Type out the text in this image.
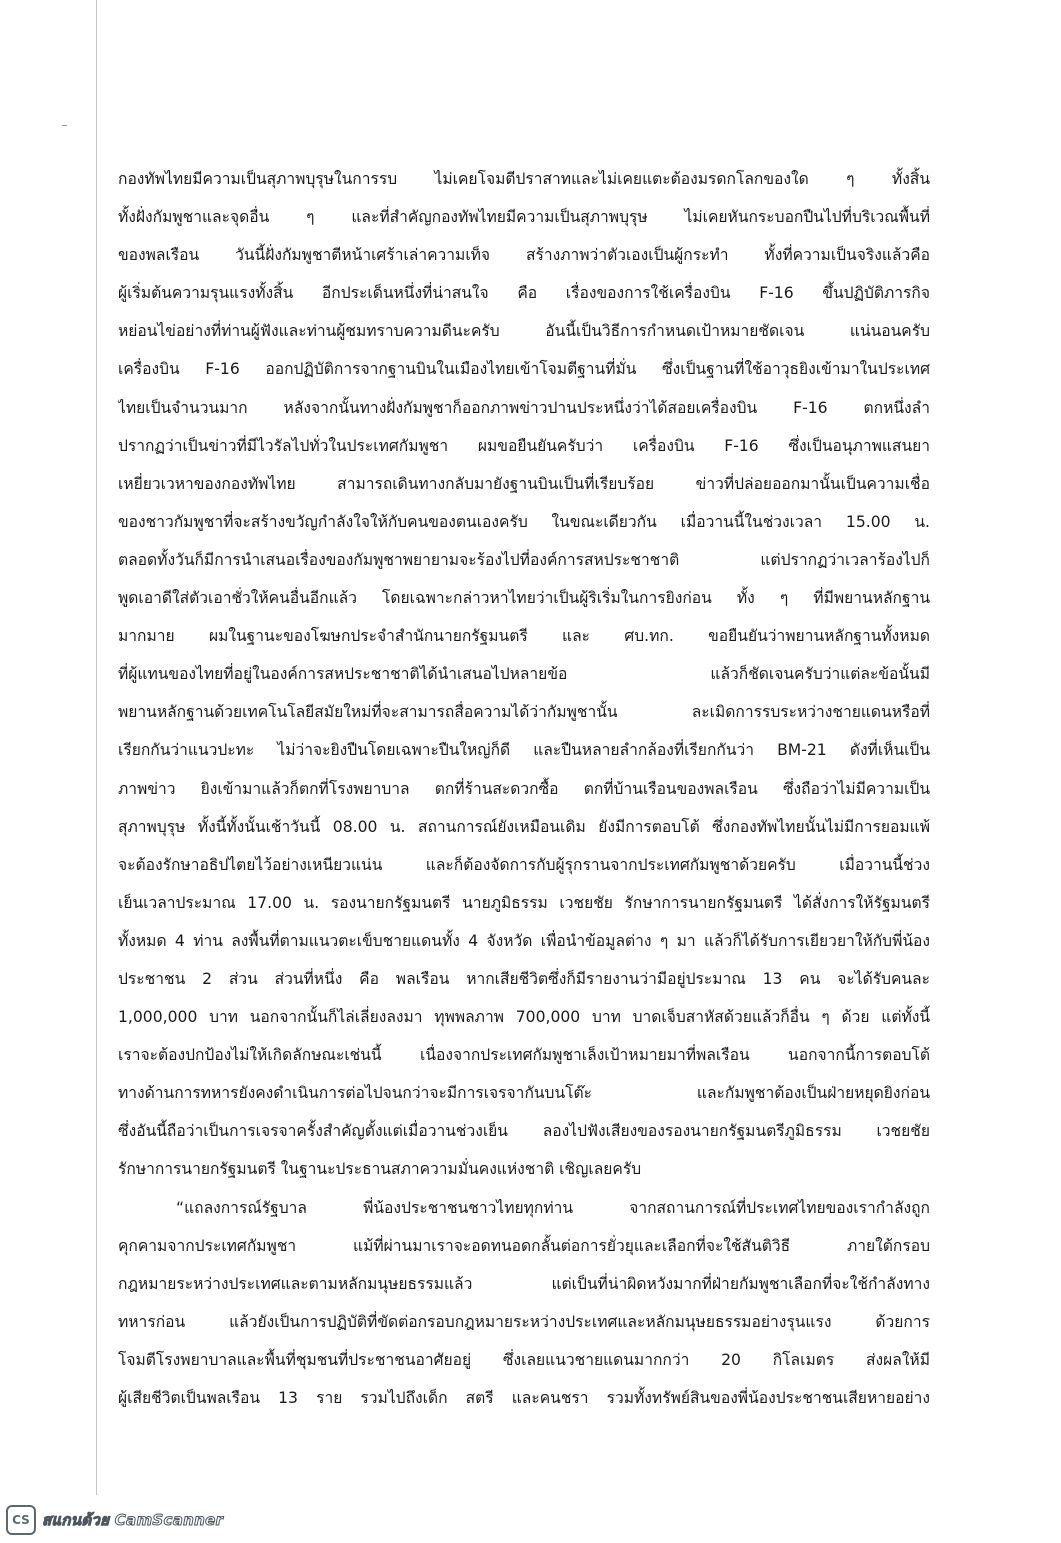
กองทัพไทยมีความเป็นสุภาพบุรุษในการรบ ไม่เคยโจมตีปราสาทและไม่เคยแตะต้องมรดกโลกของใด ๆ ทั้งสิ้น
ทั้งฝั่งกัมพูชาและจุดอื่น ๆ และที่สำคัญกองทัพไทยมีความเป็นสุภาพบุรุษ ไม่เคยหันกระบอกปืนไปที่บริเวณพื้นที่
ของพลเรือน วันนี้ฝั่งกัมพูชาตีหน้าเศร้าเล่าความเท็จ สร้างภาพว่าตัวเองเป็นผู้กระทำ ทั้งที่ความเป็นจริงแล้วคือ
ผู้เริ่มต้นความรุนแรงทั้งสิ้น อีกประเด็นหนึ่งที่น่าสนใจ คือ เรื่องของการใช้เครื่องบิน F-16 ขึ้นปฏิบัติภารกิจ
หย่อนไข่อย่างที่ท่านผู้ฟังและท่านผู้ชมทราบความดีนะครับ อันนี้เป็นวิธีการกำหนดเป้าหมายชัดเจน แน่นอนครับ
เครื่องบิน F-16 ออกปฏิบัติการจากฐานบินในเมืองไทยเข้าโจมตีฐานที่มั่น ซึ่งเป็นฐานที่ใช้อาวุธยิงเข้ามาในประเทศ
ไทยเป็นจำนวนมาก หลังจากนั้นทางฝั่งกัมพูชาก็ออกภาพข่าวปานประหนึ่งว่าได้สอยเครื่องบิน F-16 ตกหนึ่งลำ
ปรากฏว่าเป็นข่าวที่มีไวรัลไปทั่วในประเทศกัมพูชา ผมขอยืนยันครับว่า เครื่องบิน F-16 ซึ่งเป็นอนุภาพแสนยา
เหยี่ยวเวหาของกองทัพไทย สามารถเดินทางกลับมายังฐานบินเป็นที่เรียบร้อย ข่าวที่ปล่อยออกมานั้นเป็นความเชื่อ
ของชาวกัมพูชาที่จะสร้างขวัญกำลังใจให้กับคนของตนเองครับ ในขณะเดียวกัน เมื่อวานนี้ในช่วงเวลา 15.00 น.
ตลอดทั้งวันก็มีการนำเสนอเรื่องของกัมพูชาพยายามจะร้องไปที่องค์การสหประชาชาติ แต่ปรากฏว่าเวลาร้องไปก็
พูดเอาดีใส่ตัวเอาชั่วให้คนอื่นอีกแล้ว โดยเฉพาะกล่าวหาไทยว่าเป็นผู้ริเริ่มในการยิงก่อน ทั้ง ๆ ที่มีพยานหลักฐาน
มากมาย ผมในฐานะของโฆษกประจำสำนักนายกรัฐมนตรี และ ศบ.ทก. ขอยืนยันว่าพยานหลักฐานทั้งหมด
ที่ผู้แทนของไทยที่อยู่ในองค์การสหประชาชาติได้นำเสนอไปหลายข้อ แล้วก็ชัดเจนครับว่าแต่ละข้อนั้นมี
พยานหลักฐานด้วยเทคโนโลยีสมัยใหม่ที่จะสามารถสื่อความได้ว่ากัมพูชานั้น ละเมิดการรบระหว่างชายแดนหรือที่
เรียกกันว่าแนวปะทะ ไม่ว่าจะยิงปืนโดยเฉพาะปืนใหญ่ก็ดี และปืนหลายลำกล้องที่เรียกกันว่า BM-21 ดังที่เห็นเป็น
ภาพข่าว ยิงเข้ามาแล้วก็ตกที่โรงพยาบาล ตกที่ร้านสะดวกซื้อ ตกที่บ้านเรือนของพลเรือน ซึ่งถือว่าไม่มีความเป็น
สุภาพบุรุษ ทั้งนี้ทั้งนั้นเช้าวันนี้ 08.00 น. สถานการณ์ยังเหมือนเดิม ยังมีการตอบโต้ ซึ่งกองทัพไทยนั้นไม่มีการยอมแพ้
จะต้องรักษาอธิปไตยไว้อย่างเหนียวแน่น และก็ต้องจัดการกับผู้รุกรานจากประเทศกัมพูชาด้วยครับ เมื่อวานนี้ช่วง
เย็นเวลาประมาณ 17.00 น. รองนายกรัฐมนตรี นายภูมิธรรม เวชยชัย รักษาการนายกรัฐมนตรี ได้สั่งการให้รัฐมนตรี
ทั้งหมด 4 ท่าน ลงพื้นที่ตามแนวตะเข็บชายแดนทั้ง 4 จังหวัด เพื่อนำข้อมูลต่าง ๆ มา แล้วก็ได้รับการเยียวยาให้กับพี่น้อง
ประชาชน 2 ส่วน ส่วนที่หนึ่ง คือ พลเรือน หากเสียชีวิตซึ่งก็มีรายงานว่ามีอยู่ประมาณ 13 คน จะได้รับคนละ
1,000,000 บาท นอกจากนั้นก็ไล่เลี่ยงลงมา ทุพพลภาพ 700,000 บาท บาดเจ็บสาหัสด้วยแล้วก็อื่น ๆ ด้วย แต่ทั้งนี้
เราจะต้องปกป้องไม่ให้เกิดลักษณะเช่นนี้ เนื่องจากประเทศกัมพูชาเล็งเป้าหมายมาที่พลเรือน นอกจากนี้การตอบโต้
ทางด้านการทหารยังคงดำเนินการต่อไปจนกว่าจะมีการเจรจากันบนโต๊ะ และกัมพูชาต้องเป็นฝ่ายหยุดยิงก่อน
ซึ่งอันนี้ถือว่าเป็นการเจรจาครั้งสำคัญตั้งแต่เมื่อวานช่วงเย็น ลองไปฟังเสียงของรองนายกรัฐมนตรีภูมิธรรม เวชยชัย
รักษาการนายกรัฐมนตรี ในฐานะประธานสภาความมั่นคงแห่งชาติ เชิญเลยครับ
“แถลงการณ์รัฐบาล พี่น้องประชาชนชาวไทยทุกท่าน จากสถานการณ์ที่ประเทศไทยของเรากำลังถูก
คุกคามจากประเทศกัมพูชา แม้ที่ผ่านมาเราจะอดทนอดกลั้นต่อการยั่วยุและเลือกที่จะใช้สันติวิธี ภายใต้กรอบ
กฎหมายระหว่างประเทศและตามหลักมนุษยธรรมแล้ว แต่เป็นที่น่าผิดหวังมากที่ฝ่ายกัมพูชาเลือกที่จะใช้กำลังทาง
ทหารก่อน แล้วยังเป็นการปฏิบัติที่ขัดต่อกรอบกฎหมายระหว่างประเทศและหลักมนุษยธรรมอย่างรุนแรง ด้วยการ
โจมตีโรงพยาบาลและพื้นที่ชุมชนที่ประชาชนอาศัยอยู่ ซึ่งเลยแนวชายแดนมากกว่า 20 กิโลเมตร ส่งผลให้มี
ผู้เสียชีวิตเป็นพลเรือน 13 ราย รวมไปถึงเด็ก สตรี และคนชรา รวมทั้งทรัพย์สินของพี่น้องประชาชนเสียหายอย่าง
CS สแกนด้วย CamScanner
